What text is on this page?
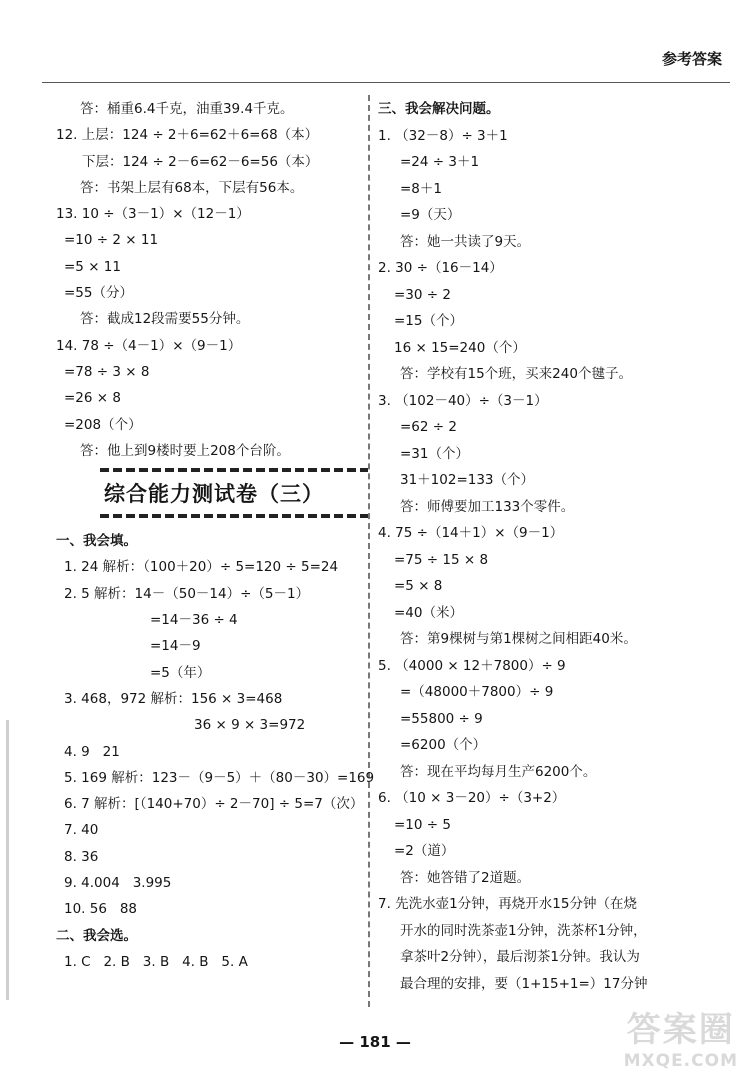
参考答案
答：桶重6.4千克，油重39.4千克。
12. 上层：124 ÷ 2＋6=62＋6=68（本）
下层：124 ÷ 2－6=62－6=56（本）
答：书架上层有68本，下层有56本。
13. 10 ÷（3－1）×（12－1）
=10 ÷ 2 × 11
=5 × 11
=55（分）
答：截成12段需要55分钟。
14. 78 ÷（4－1）×（9－1）
=78 ÷ 3 × 8
=26 × 8
=208（个）
答：他上到9楼时要上208个台阶。
综合能力测试卷（三）
一、我会填。
1. 24 解析：（100＋20）÷ 5=120 ÷ 5=24
2. 5 解析：14－（50－14）÷（5－1）
=14－36 ÷ 4
=14－9
=5（年）
3. 468，972 解析：156 × 3=468
36 × 9 × 3=972
4. 9   21
5. 169 解析：123－（9－5）＋（80－30）=169
6. 7 解析：[（140+70）÷ 2－70] ÷ 5=7（次）
7. 40
8. 36
9. 4.004   3.995
10. 56   88
二、我会选。
1. C   2. B   3. B   4. B   5. A
三、我会解决问题。
1. （32－8）÷ 3＋1
=24 ÷ 3＋1
=8＋1
=9（天）
答：她一共读了9天。
2. 30 ÷（16－14）
=30 ÷ 2
=15（个）
16 × 15=240（个）
答：学校有15个班，买来240个毽子。
3. （102－40）÷（3－1）
=62 ÷ 2
=31（个）
31＋102=133（个）
答：师傅要加工133个零件。
4. 75 ÷（14＋1）×（9－1）
=75 ÷ 15 × 8
=5 × 8
=40（米）
答：第9棵树与第1棵树之间相距40米。
5. （4000 × 12＋7800）÷ 9
=（48000＋7800）÷ 9
=55800 ÷ 9
=6200（个）
答：现在平均每月生产6200个。
6. （10 × 3－20）÷（3+2）
=10 ÷ 5
=2（道）
答：她答错了2道题。
7. 先洗水壶1分钟，再烧开水15分钟（在烧
开水的同时洗茶壶1分钟，洗茶杯1分钟，
拿茶叶2分钟），最后沏茶1分钟。我认为
最合理的安排，要（1+15+1=）17分钟
— 181 —	答案圈
MXQE.COM
